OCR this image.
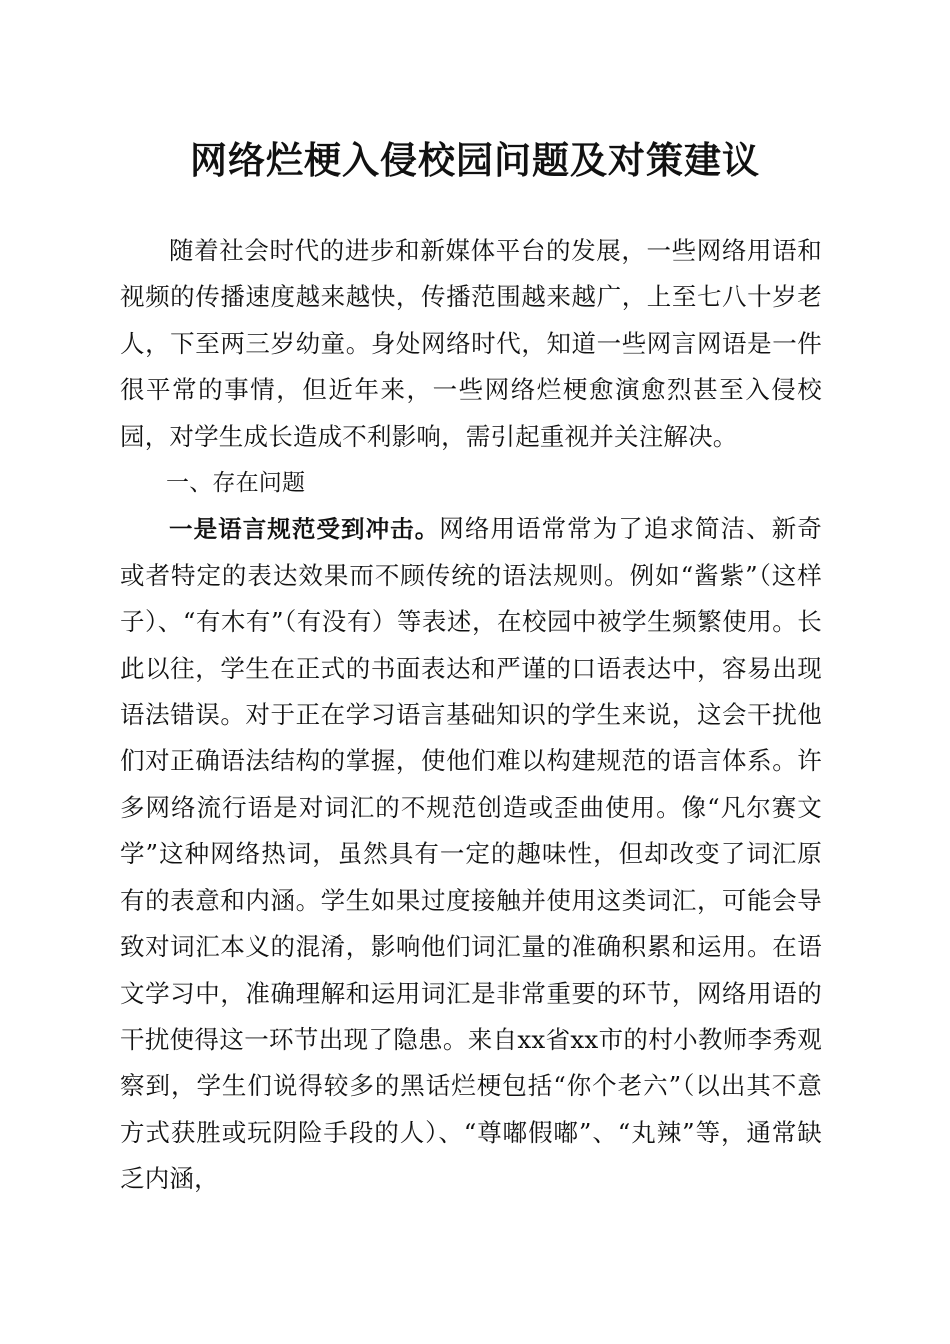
网络烂梗入侵校园问题及对策建议

随着社会时代的进步和新媒体平台的发展，一些网络用语和视频的传播速度越来越快，传播范围越来越广，上至七八十岁老人，下至两三岁幼童。身处网络时代，知道一些网言网语是一件很平常的事情，但近年来，一些网络烂梗愈演愈烈甚至入侵校园，对学生成长造成不利影响，需引起重视并关注解决。

一、存在问题

一是语言规范受到冲击。网络用语常常为了追求简洁、新奇或者特定的表达效果而不顾传统的语法规则。例如“酱紫”（这样子）、“有木有”（有没有）等表述，在校园中被学生频繁使用。长此以往，学生在正式的书面表达和严谨的口语表达中，容易出现语法错误。对于正在学习语言基础知识的学生来说，这会干扰他们对正确语法结构的掌握，使他们难以构建规范的语言体系。许多网络流行语是对词汇的不规范创造或歪曲使用。像“凡尔赛文学”这种网络热词，虽然具有一定的趣味性，但却改变了词汇原有的表意和内涵。学生如果过度接触并使用这类词汇，可能会导致对词汇本义的混淆，影响他们词汇量的准确积累和运用。在语文学习中，准确理解和运用词汇是非常重要的环节，网络用语的干扰使得这一环节出现了隐患。来自xx省xx市的村小教师李秀观察到，学生们说得较多的黑话烂梗包括“你个老六”（以出其不意方式获胜或玩阴险手段的人）、“尊嘟假嘟”、“丸辣”等，通常缺乏内涵，
